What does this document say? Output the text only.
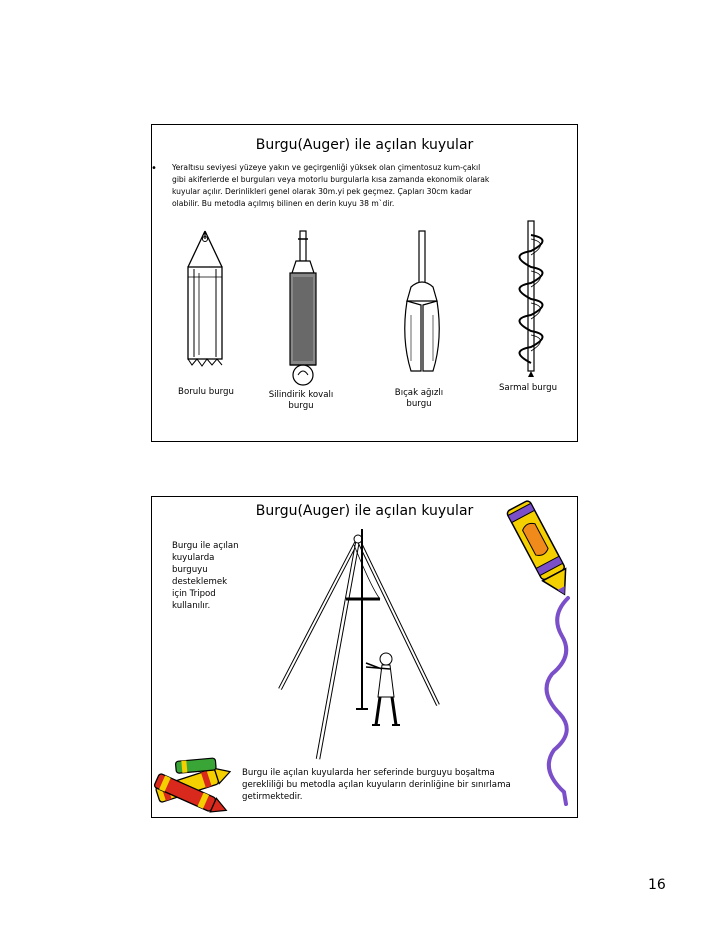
Burgu(Auger) ile açılan kuyular
• Yeraltısu seviyesi yüzeye yakın ve geçirgenliği yüksek olan çimentosuz kum-çakıl
gibi akiferlerde el burguları veya motorlu burgularla kısa zamanda ekonomik olarak
kuyular açılır. Derinlikleri genel olarak 30m.yi pek geçmez. Çapları 30cm kadar
olabilir. Bu metodla açılmış bilinen en derin kuyu 38 m`dir.
Borulu burgu	Silindirik kovalı
burgu
Bıçak ağızlı
burgu
Sarmal burgu
Burgu(Auger) ile açılan kuyular
Burgu ile açılan
kuyularda
burguyu
desteklemek
için Tripod
kullanılır.
Burgu ile açılan kuyularda her seferinde burguyu boşaltma
gerekliliği bu metodla açılan kuyuların derinliğine bir sınırlama
getirmektedir.
16
